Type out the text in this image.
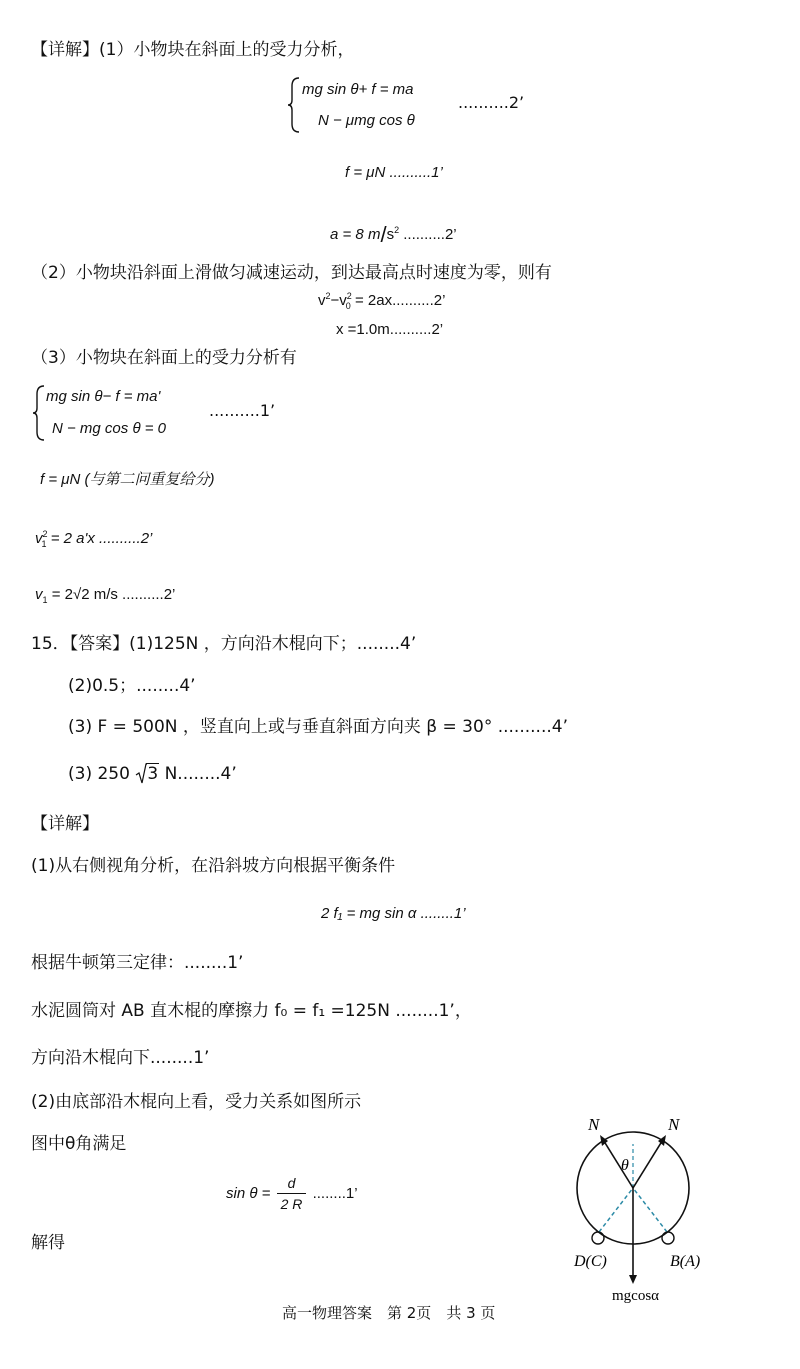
【详解】(1）小物块在斜面上的受力分析，
mg sin θ+ f = ma
N − μmg cos θ
..........2’
f = μN ..........1’
a = 8 $m/s^2$ ..........2’
（2）小物块沿斜面上滑做匀减速运动，到达最高点时速度为零，则有
$v^2-v^2_0 = 2ax..........2$’
x =1.0m..........2’
（3）小物块在斜面上的受力分析有
mg sin θ− f = ma'
N − mg cos θ = 0
..........1’
f = μN (与第二问重复给分)
$v^2_1 = 2$ a'x ..........2’
$v_1 = 2√2$ m/s ..........2’
15．【答案】(1)125N ，方向沿木棍向下；........4’
(2)0.5；........4’
(3) F = 500N ，竖直向上或与垂直斜面方向夹 β = 30° ..........4’
(3) 250 3 N........4’
【详解】
(1)从右侧视角分析，在沿斜坡方向根据平衡条件
2 f₁ = mg sin α ........1’
根据牛顿第三定律：........1’
水泥圆筒对 AB 直木棍的摩擦力 f₀ = f₁ =125N ........1’，
方向沿木棍向下........1’
(2)由底部沿木棍向上看，受力关系如图所示
图中θ角满足
$\sin \theta = \frac{d}{2 R} ........1$’
解得
N	N
θ
D(C)	B(A)
mgcosα
高一物理答案　第 2页　共 3 页
